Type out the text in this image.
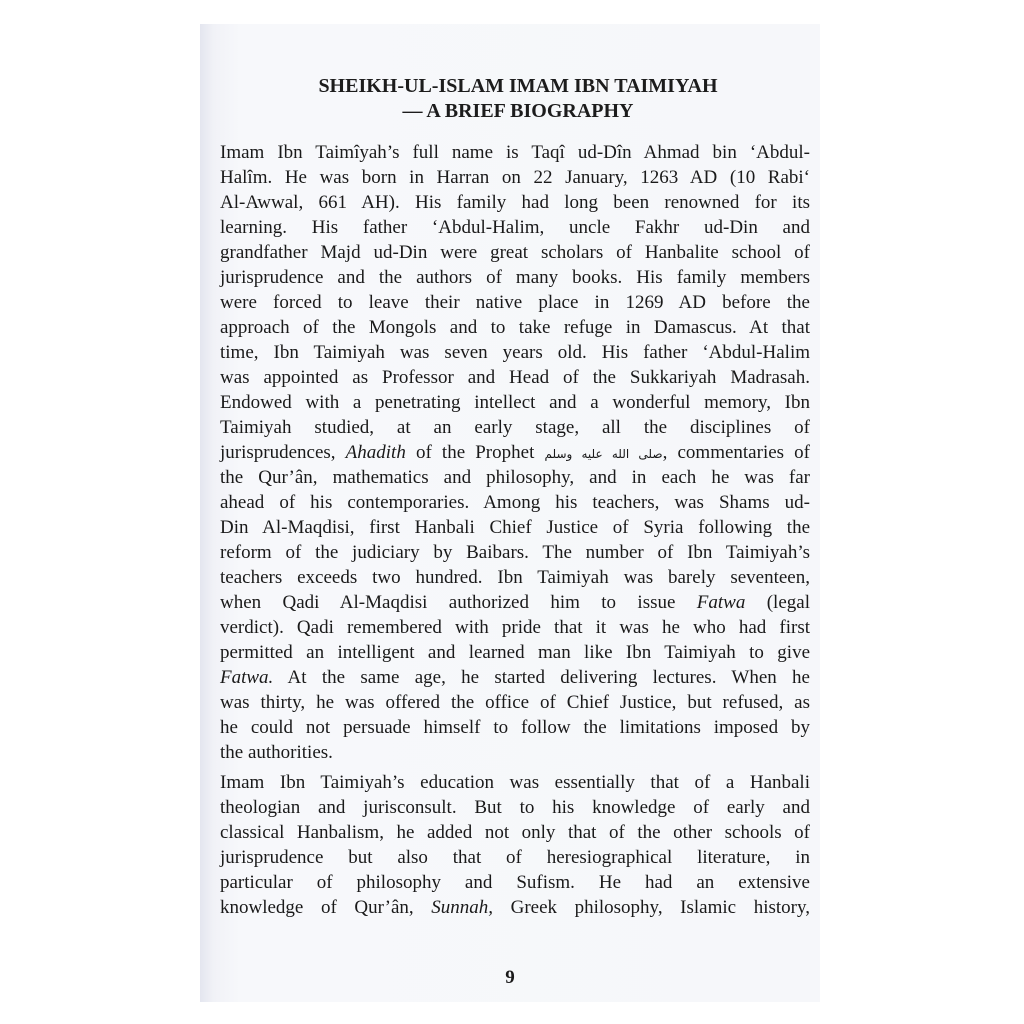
SHEIKH-UL-ISLAM IMAM IBN TAIMIYAH
— A BRIEF BIOGRAPHY
Imam Ibn Taimîyah’s full name is Taqî ud-Dîn Ahmad bin ‘Abdul-
Halîm. He was born in Harran on 22 January, 1263 AD (10 Rabi‘
Al-Awwal, 661 AH). His family had long been renowned for its
learning. His father ‘Abdul-Halim, uncle Fakhr ud-Din and
grandfather Majd ud-Din were great scholars of Hanbalite school of
jurisprudence and the authors of many books. His family members
were forced to leave their native place in 1269 AD before the
approach of the Mongols and to take refuge in Damascus. At that
time, Ibn Taimiyah was seven years old. His father ‘Abdul-Halim
was appointed as Professor and Head of the Sukkariyah Madrasah.
Endowed with a penetrating intellect and a wonderful memory, Ibn
Taimiyah studied, at an early stage, all the disciplines of
jurisprudences, Ahadith of the Prophet صلى الله عليه وسلم, commentaries of
the Qur’ân, mathematics and philosophy, and in each he was far
ahead of his contemporaries. Among his teachers, was Shams ud-
Din Al-Maqdisi, first Hanbali Chief Justice of Syria following the
reform of the judiciary by Baibars. The number of Ibn Taimiyah’s
teachers exceeds two hundred. Ibn Taimiyah was barely seventeen,
when Qadi Al-Maqdisi authorized him to issue Fatwa (legal
verdict). Qadi remembered with pride that it was he who had first
permitted an intelligent and learned man like Ibn Taimiyah to give
Fatwa. At the same age, he started delivering lectures. When he
was thirty, he was offered the office of Chief Justice, but refused, as
he could not persuade himself to follow the limitations imposed by
the authorities.
Imam Ibn Taimiyah’s education was essentially that of a Hanbali
theologian and jurisconsult. But to his knowledge of early and
classical Hanbalism, he added not only that of the other schools of
jurisprudence but also that of heresiographical literature, in
particular of philosophy and Sufism. He had an extensive
knowledge of Qur’ân, Sunnah, Greek philosophy, Islamic history,
9
